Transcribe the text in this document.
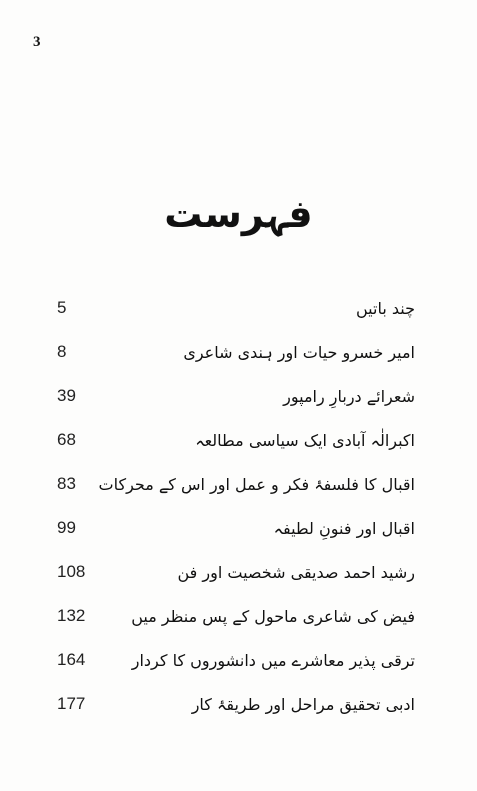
3
فہرست
5	چند باتیں
8	امیر خسرو حیات اور ہندی شاعری
39	شعرائے دربارِ رامپور
68	اکبرالٰہ آبادی ایک سیاسی مطالعہ
83 اقبال کا فلسفۂ فکر و عمل اور اس کے محرکات
99	اقبال اور فنونِ لطیفہ
108	رشید احمد صدیقی شخصیت اور فن
132	فیض کی شاعری ماحول کے پس منظر میں
164	ترقی پذیر معاشرے میں دانشوروں کا کردار
177	ادبی تحقیق مراحل اور طریقۂ کار
